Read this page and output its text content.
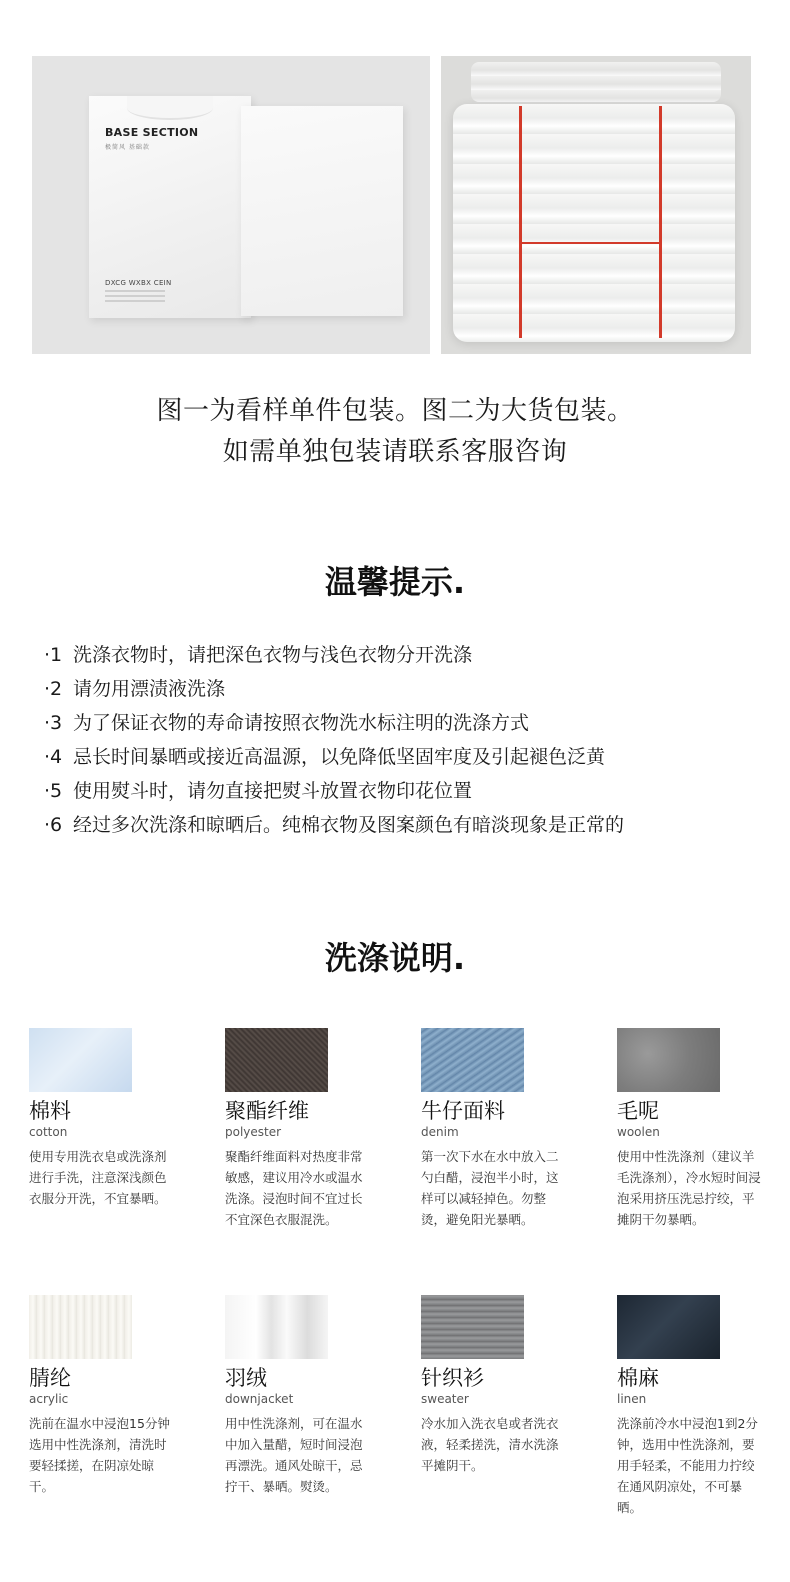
BASE SECTION
极简风 基础款
DXCG WXBX CEIN

图一为看样单件包装。图二为大货包装。

如需单独包装请联系客服咨询

温馨提示.
·1 洗涤衣物时，请把深色衣物与浅色衣物分开洗涤
·2 请勿用漂渍液洗涤
·3 为了保证衣物的寿命请按照衣物洗水标注明的洗涤方式
·4 忌长时间暴晒或接近高温源，以免降低坚固牢度及引起褪色泛黄
·5 使用熨斗时，请勿直接把熨斗放置衣物印花位置
·6 经过多次洗涤和晾晒后。纯棉衣物及图案颜色有暗淡现象是正常的
洗涤说明.

棉料

cotton

使用专用洗衣皂或洗涤剂进行手洗，注意深浅颜色衣服分开洗，不宜暴晒。

聚酯纤维

polyester

聚酯纤维面料对热度非常敏感，建议用冷水或温水洗涤。浸泡时间不宜过长不宜深色衣服混洗。

牛仔面料

denim

第一次下水在水中放入二勺白醋，浸泡半小时，这样可以减轻掉色。勿整烫，避免阳光暴晒。

毛呢

woolen

使用中性洗涤剂（建议羊毛洗涤剂），冷水短时间浸泡采用挤压洗忌拧绞，平摊阴干勿暴晒。

腈纶

acrylic

洗前在温水中浸泡15分钟选用中性洗涤剂，清洗时要轻揉搓，在阴凉处晾干。

羽绒

downjacket

用中性洗涤剂，可在温水中加入量醋，短时间浸泡再漂洗。通风处晾干，忌拧干、暴晒。熨烫。

针织衫

sweater

冷水加入洗衣皂或者洗衣液，轻柔搓洗，清水洗涤平摊阴干。

棉麻

linen

洗涤前冷水中浸泡1到2分钟，选用中性洗涤剂，要用手轻柔，不能用力拧绞在通风阴凉处，不可暴晒。
